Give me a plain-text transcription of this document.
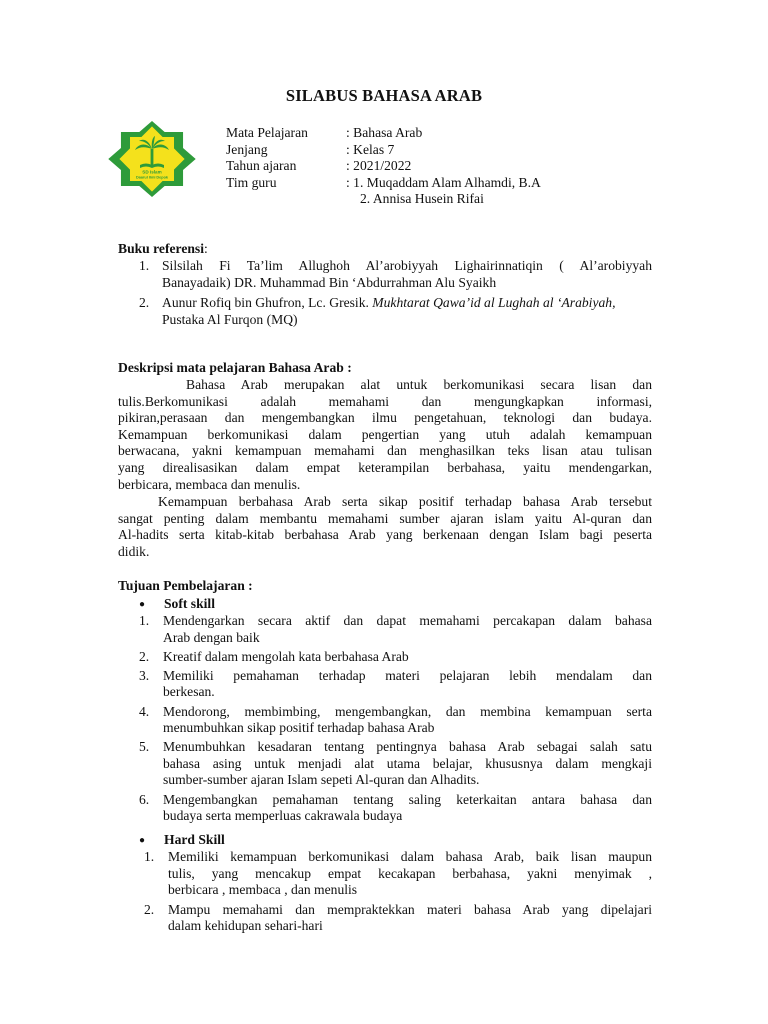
SILABUS BAHASA ARAB
SD Islam
Daarul Ilmi Depok
Mata Pelajaran	: Bahasa Arab
Jenjang	: Kelas 7
Tahun ajaran	: 2021/2022
Tim guru	: 1. Muqaddam Alam Alhamdi, B.A
2. Annisa Husein Rifai
Buku referensi:
1. Silsilah Fi Ta’lim Allughoh Al’arobiyyah Lighairinnatiqin ( Al’arobiyyah
Banayadaik) DR. Muhammad Bin ‘Abdurrahman Alu Syaikh
2. Aunur Rofiq bin Ghufron, Lc. Gresik. Mukhtarat Qawa’id al Lughah al ‘Arabiyah,
Pustaka Al Furqon (MQ)
Deskripsi mata pelajaran Bahasa Arab :
Bahasa Arab merupakan alat untuk berkomunikasi secara lisan dan
tulis.Berkomunikasi adalah memahami dan mengungkapkan informasi,
pikiran,perasaan dan mengembangkan ilmu pengetahuan, teknologi dan budaya.
Kemampuan berkomunikasi dalam pengertian yang utuh adalah kemampuan
berwacana, yakni kemampuan memahami dan menghasilkan teks lisan atau tulisan
yang direalisasikan dalam empat keterampilan berbahasa, yaitu mendengarkan,
berbicara, membaca dan menulis.
Kemampuan berbahasa Arab serta sikap positif terhadap bahasa Arab tersebut
sangat penting dalam membantu memahami sumber ajaran islam yaitu Al-quran dan
Al-hadits serta kitab-kitab berbahasa Arab yang berkenaan dengan Islam bagi peserta
didik.
Tujuan Pembelajaran :
● Soft skill
1. Mendengarkan secara aktif dan dapat memahami percakapan dalam bahasa
Arab dengan baik
2. Kreatif dalam mengolah kata berbahasa Arab
3. Memiliki pemahaman terhadap materi pelajaran lebih mendalam dan
berkesan.
4. Mendorong, membimbing, mengembangkan, dan membina kemampuan serta
menumbuhkan sikap positif terhadap bahasa Arab
5. Menumbuhkan kesadaran tentang pentingnya bahasa Arab sebagai salah satu
bahasa asing untuk menjadi alat utama belajar, khususnya dalam mengkaji
sumber-sumber ajaran Islam sepeti Al-quran dan Alhadits.
6. Mengembangkan pemahaman tentang saling keterkaitan antara bahasa dan
budaya serta memperluas cakrawala budaya
● Hard Skill
1. Memiliki kemampuan berkomunikasi dalam bahasa Arab, baik lisan maupun
tulis, yang mencakup empat kecakapan berbahasa, yakni menyimak ,
berbicara , membaca , dan menulis
2. Mampu memahami dan mempraktekkan materi bahasa Arab yang dipelajari
dalam kehidupan sehari-hari
